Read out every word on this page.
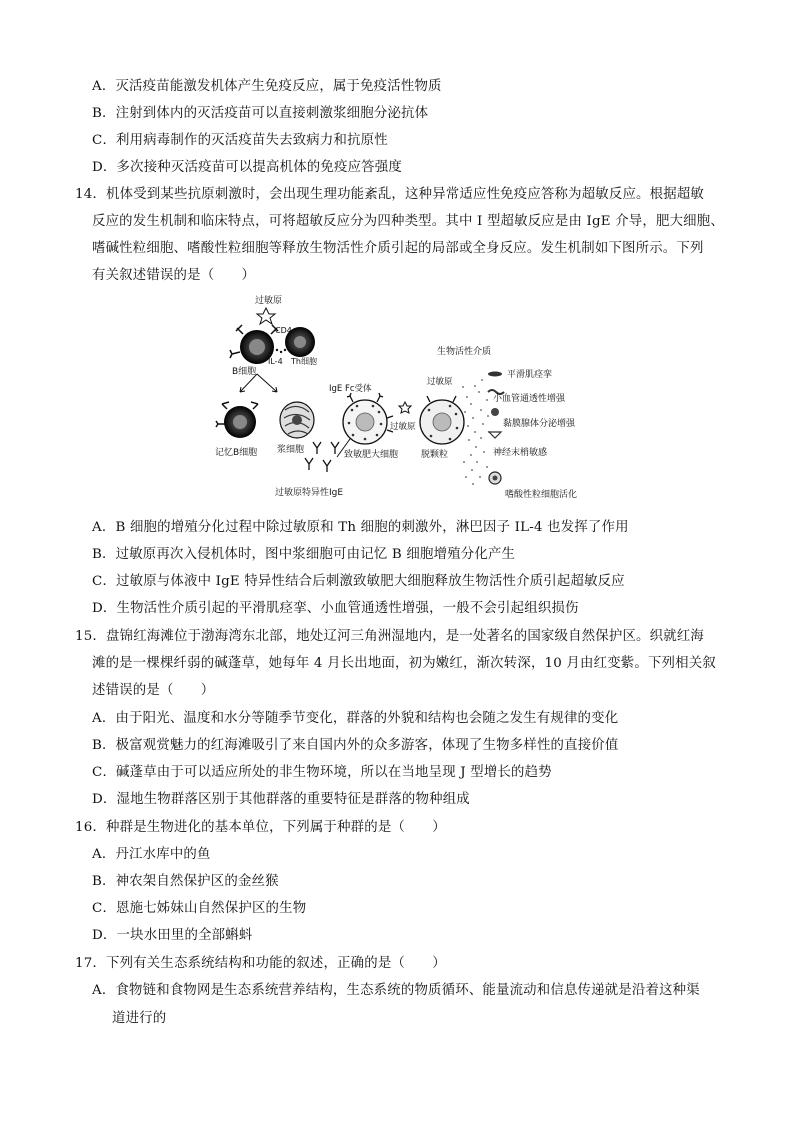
A．灭活疫苗能激发机体产生免疫反应，属于免疫活性物质
B．注射到体内的灭活疫苗可以直接刺激浆细胞分泌抗体
C．利用病毒制作的灭活疫苗失去致病力和抗原性
D．多次接种灭活疫苗可以提高机体的免疫应答强度
14．机体受到某些抗原刺激时，会出现生理功能紊乱，这种异常适应性免疫应答称为超敏反应。根据超敏
反应的发生机制和临床特点，可将超敏反应分为四种类型。其中 I 型超敏反应是由 IgE 介导，肥大细胞、
嗜碱性粒细胞、嗜酸性粒细胞等释放生物活性介质引起的局部或全身反应。发生机制如下图所示。下列
有关叙述错误的是（　　）
过敏原
B细胞
CD4
IL-4 Th细胞
记忆B细胞 浆细胞
过敏原特异性IgE
IgE Fc受体
致敏肥大细胞
过敏原
过敏原
脱颗粒
生物活性介质
平滑肌痉挛
小血管通透性增强
黏膜腺体分泌增强
神经末梢敏感
嗜酸性粒细胞活化
A．B 细胞的增殖分化过程中除过敏原和 Th 细胞的刺激外，淋巴因子 IL-4 也发挥了作用
B．过敏原再次入侵机体时，图中浆细胞可由记忆 B 细胞增殖分化产生
C．过敏原与体液中 IgE 特异性结合后刺激致敏肥大细胞释放生物活性介质引起超敏反应
D．生物活性介质引起的平滑肌痉挛、小血管通透性增强，一般不会引起组织损伤
15．盘锦红海滩位于渤海湾东北部，地处辽河三角洲湿地内，是一处著名的国家级自然保护区。织就红海
滩的是一棵棵纤弱的碱蓬草，她每年 4 月长出地面，初为嫩红，渐次转深，10 月由红变紫。下列相关叙
述错误的是（　　）
A．由于阳光、温度和水分等随季节变化，群落的外貌和结构也会随之发生有规律的变化
B．极富观赏魅力的红海滩吸引了来自国内外的众多游客，体现了生物多样性的直接价值
C．碱蓬草由于可以适应所处的非生物环境，所以在当地呈现 J 型增长的趋势
D．湿地生物群落区别于其他群落的重要特征是群落的物种组成
16．种群是生物进化的基本单位，下列属于种群的是（　　）
A．丹江水库中的鱼
B．神农架自然保护区的金丝猴
C．恩施七姊妹山自然保护区的生物
D．一块水田里的全部蝌蚪
17．下列有关生态系统结构和功能的叙述，正确的是（　　）
A．食物链和食物网是生态系统营养结构，生态系统的物质循环、能量流动和信息传递就是沿着这种渠
道进行的
